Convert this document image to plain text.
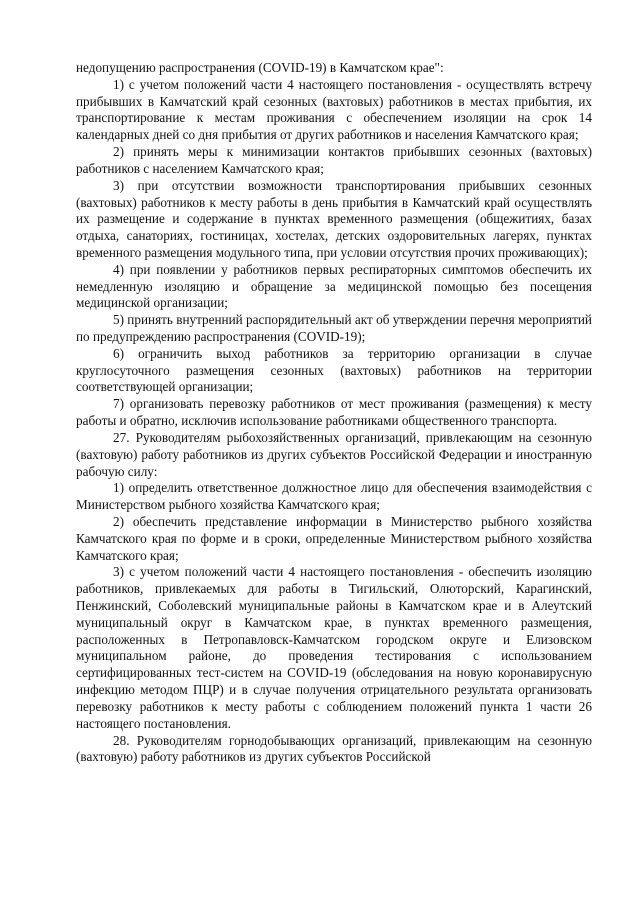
недопущению распространения (COVID-19) в Камчатском крае":

1) с учетом положений части 4 настоящего постановления - осуществлять встречу прибывших в Камчатский край сезонных (вахтовых) работников в местах прибытия, их транспортирование к местам проживания с обеспечением изоляции на срок 14 календарных дней со дня прибытия от других работников и населения Камчатского края;

2) принять меры к минимизации контактов прибывших сезонных (вахтовых) работников с населением Камчатского края;

3) при отсутствии возможности транспортирования прибывших сезонных (вахтовых) работников к месту работы в день прибытия в Камчатский край осуществлять их размещение и содержание в пунктах временного размещения (общежитиях, базах отдыха, санаториях, гостиницах, хостелах, детских оздоровительных лагерях, пунктах временного размещения модульного типа, при условии отсутствия прочих проживающих);

4) при появлении у работников первых респираторных симптомов обеспечить их немедленную изоляцию и обращение за медицинской помощью без посещения медицинской организации;

5) принять внутренний распорядительный акт об утверждении перечня мероприятий по предупреждению распространения (COVID-19);

6) ограничить выход работников за территорию организации в случае круглосуточного размещения сезонных (вахтовых) работников на территории соответствующей организации;

7) организовать перевозку работников от мест проживания (размещения) к месту работы и обратно, исключив использование работниками общественного транспорта.

27. Руководителям рыбохозяйственных организаций, привлекающим на сезонную (вахтовую) работу работников из других субъектов Российской Федерации и иностранную рабочую силу:

1) определить ответственное должностное лицо для обеспечения взаимодействия с Министерством рыбного хозяйства Камчатского края;

2) обеспечить представление информации в Министерство рыбного хозяйства Камчатского края по форме и в сроки, определенные Министерством рыбного хозяйства Камчатского края;

3) с учетом положений части 4 настоящего постановления - обеспечить изоляцию работников, привлекаемых для работы в Тигильский, Олюторский, Карагинский, Пенжинский, Соболевский муниципальные районы в Камчатском крае и в Алеутский муниципальный округ в Камчатском крае, в пунктах временного размещения, расположенных в Петропавловск-Камчатском городском округе и Елизовском муниципальном районе, до проведения тестирования с использованием сертифицированных тест-систем на COVID-19 (обследования на новую коронавирусную инфекцию методом ПЦР) и в случае получения отрицательного результата организовать перевозку работников к месту работы с соблюдением положений пункта 1 части 26 настоящего постановления.

28. Руководителям горнодобывающих организаций, привлекающим на сезонную (вахтовую) работу работников из других субъектов Российской
